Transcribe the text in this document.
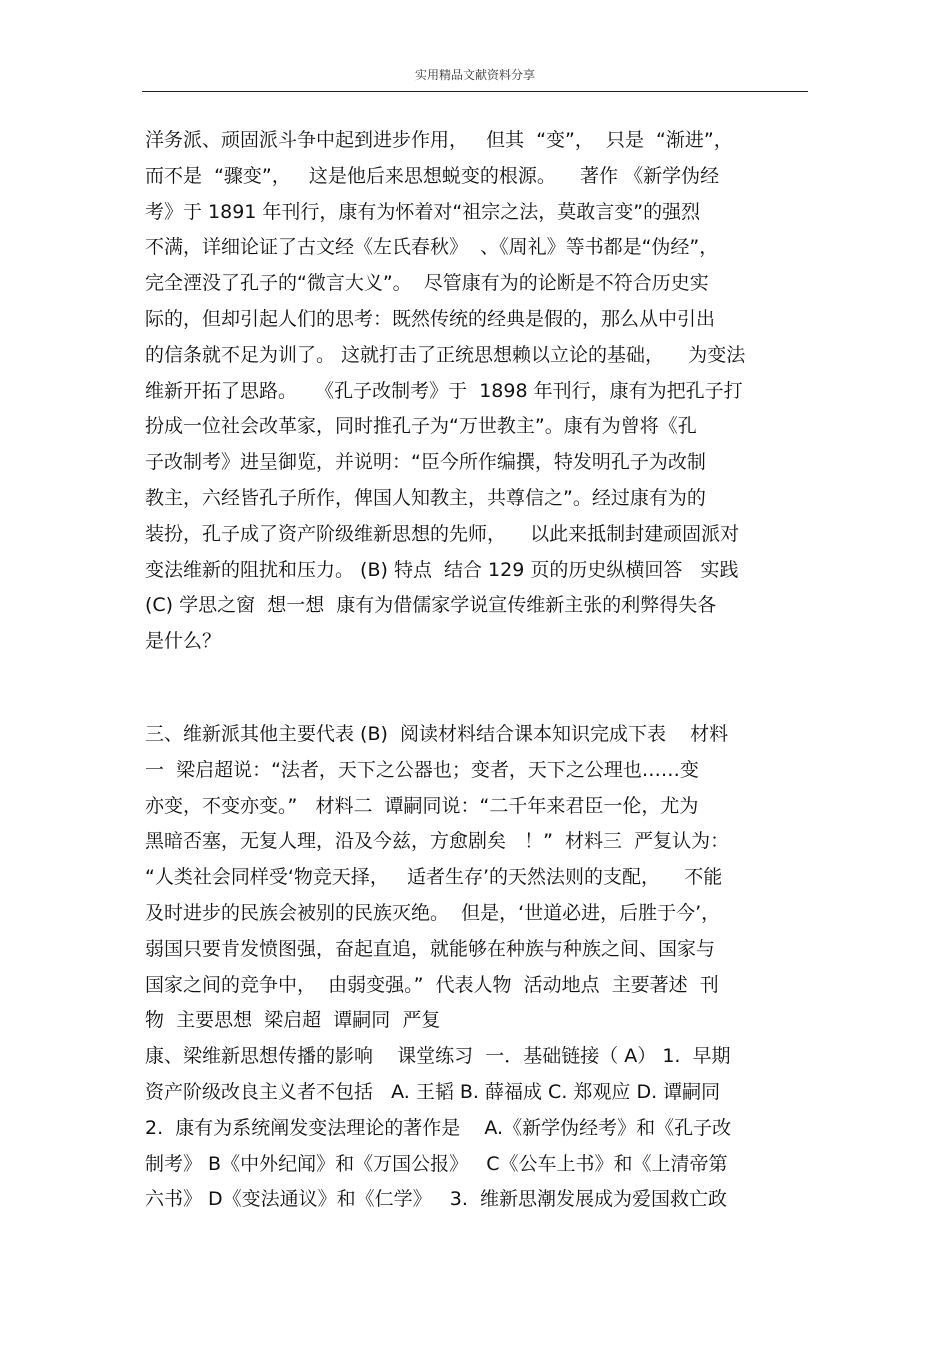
实用精品文献资料分享
洋务派、顽固派斗争中起到进步作用，   但其  “变”，  只是  “渐进”，
而不是  “骤变”，   这是他后来思想蜕变的根源。    著作 《新学伪经
考》于 1891 年刊行，康有为怀着对“祖宗之法，莫敢言变”的强烈
不满，详细论证了古文经《左氏春秋》  、《周礼》等书都是“伪经”，
完全湮没了孔子的“微言大义”。  尽管康有为的论断是不符合历史实
际的，但却引起人们的思考：既然传统的经典是假的，那么从中引出
的信条就不足为训了。 这就打击了正统思想赖以立论的基础，    为变法
维新开拓了思路。   《孔子改制考》于  1898 年刊行，康有为把孔子打
扮成一位社会改革家，同时推孔子为“万世教主”。康有为曾将《孔
子改制考》进呈御览，并说明：“臣今所作编撰，特发明孔子为改制
教主，六经皆孔子所作，俾国人知教主，共尊信之”。经过康有为的
装扮，孔子成了资产阶级维新思想的先师，    以此来抵制封建顽固派对
变法维新的阻扰和压力。 (B) 特点  结合 129 页的历史纵横回答   实践
(C) 学思之窗  想一想  康有为借儒家学说宣传维新主张的利弊得失各
是什么？
三、维新派其他主要代表 (B)  阅读材料结合课本知识完成下表    材料
一  梁启超说：“法者，天下之公器也；变者，天下之公理也……变
亦变，不变亦变。”   材料二  谭嗣同说：“二千年来君臣一伦，尤为
黑暗否塞，无复人理，沿及今兹，方愈剧矣   ！”  材料三  严复认为：
“人类社会同样受‘物竞天择，   适者生存’的天然法则的支配，    不能
及时进步的民族会被别的民族灭绝。  但是，‘世道必进，后胜于今’，
弱国只要肯发愤图强，奋起直追，就能够在种族与种族之间、国家与
国家之间的竞争中，  由弱变强。”  代表人物  活动地点  主要著述  刊
物  主要思想  梁启超  谭嗣同  严复
康、梁维新思想传播的影响    课堂练习  一．基础链接（ A） 1.  早期
资产阶级改良主义者不包括   A. 王韬 B. 薛福成 C. 郑观应 D. 谭嗣同
2.  康有为系统阐发变法理论的著作是    A.《新学伪经考》和《孔子改
制考》 B《中外纪闻》和《万国公报》   C《公车上书》和《上清帝第
六书》 D《变法通议》和《仁学》   3.  维新思潮发展成为爱国救亡政
